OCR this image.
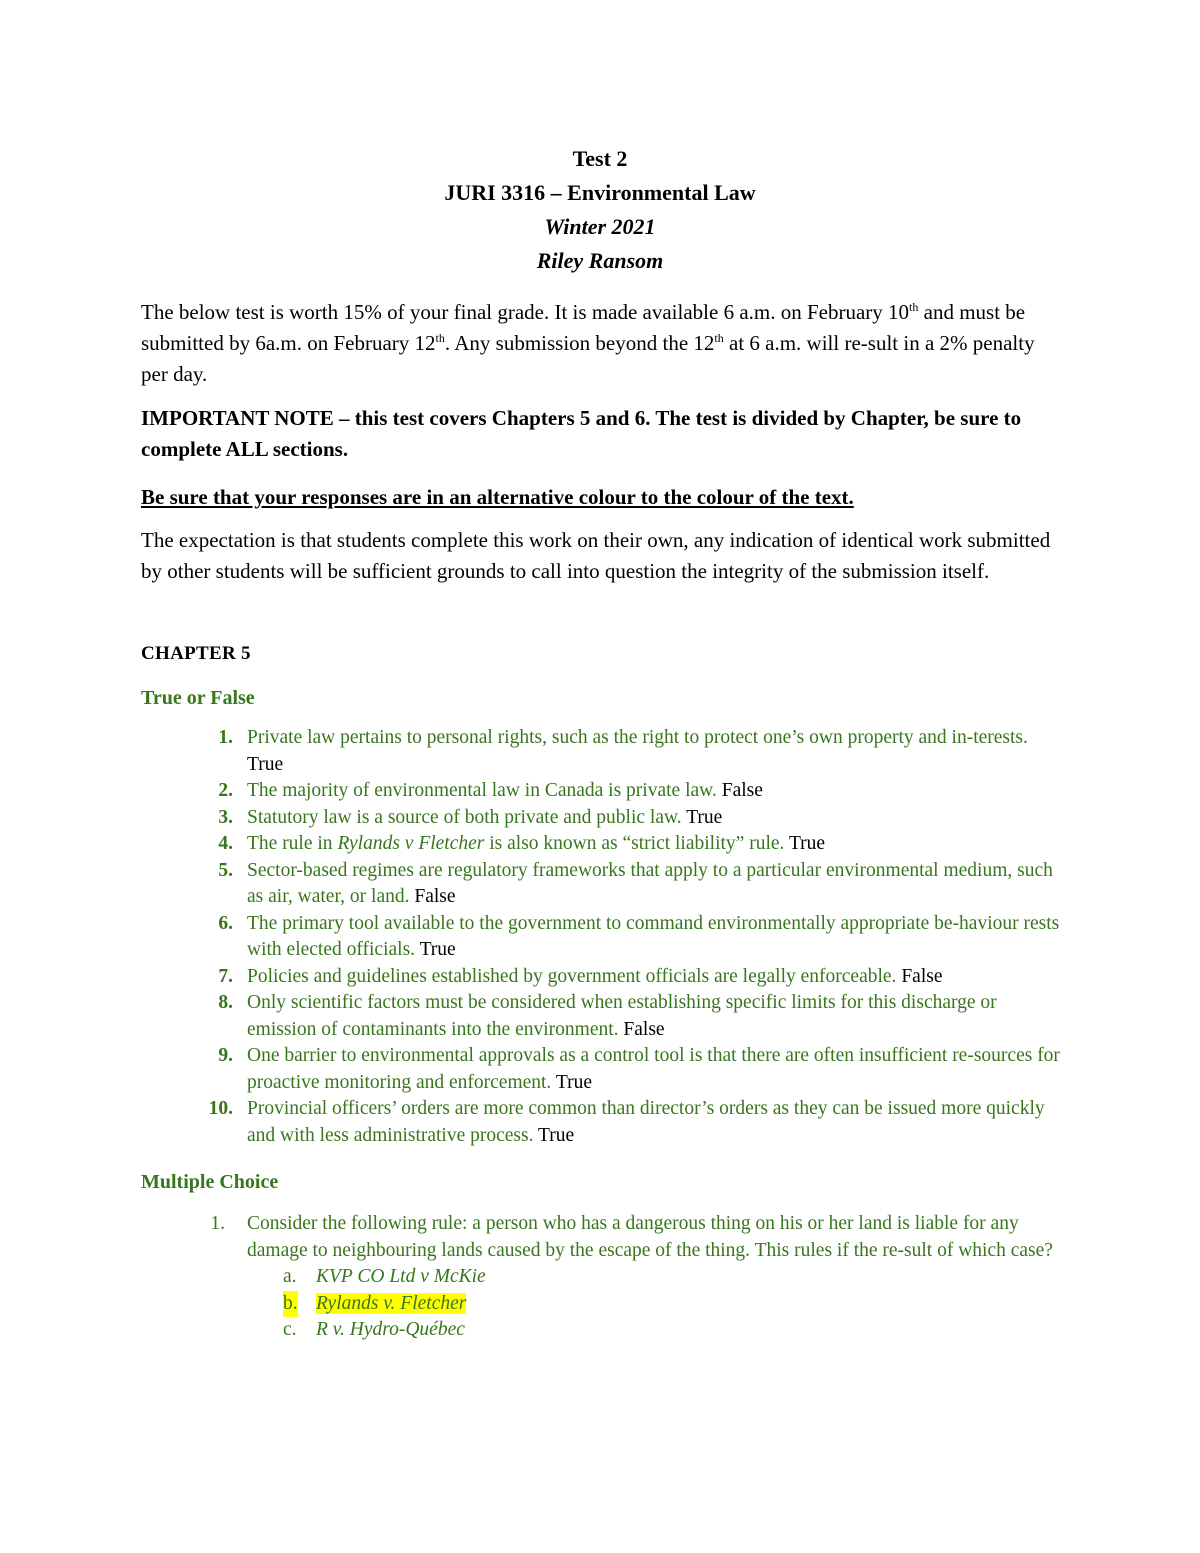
Test 2
JURI 3316 – Environmental Law
Winter 2021
Riley Ransom

The below test is worth 15% of your final grade. It is made available 6 a.m. on February 10th and must be submitted by 6a.m. on February 12th. Any submission beyond the 12th at 6 a.m. will re-sult in a 2% penalty per day.

IMPORTANT NOTE – this test covers Chapters 5 and 6. The test is divided by Chapter, be sure to complete ALL sections.

Be sure that your responses are in an alternative colour to the colour of the text.

The expectation is that students complete this work on their own, any indication of identical work submitted by other students will be sufficient grounds to call into question the integrity of the submission itself.

CHAPTER 5
True or False
1. Private law pertains to personal rights, such as the right to protect one’s own property and in-terests. True
2. The majority of environmental law in Canada is private law. False
3. Statutory law is a source of both private and public law. True
4. The rule in Rylands v Fletcher is also known as “strict liability” rule. True
5. Sector-based regimes are regulatory frameworks that apply to a particular environmental medium, such as air, water, or land. False
6. The primary tool available to the government to command environmentally appropriate be-haviour rests with elected officials. True
7. Policies and guidelines established by government officials are legally enforceable. False
8. Only scientific factors must be considered when establishing specific limits for this discharge or emission of contaminants into the environment. False
9. One barrier to environmental approvals as a control tool is that there are often insufficient re-sources for proactive monitoring and enforcement. True
10. Provincial officers’ orders are more common than director’s orders as they can be issued more quickly and with less administrative process. True
Multiple Choice
1. Consider the following rule: a person who has a dangerous thing on his or her land is liable for any damage to neighbouring lands caused by the escape of the thing. This rules if the re-sult of which case?
a. KVP CO Ltd v McKie
b. Rylands v. Fletcher
c. R v. Hydro-Québec
